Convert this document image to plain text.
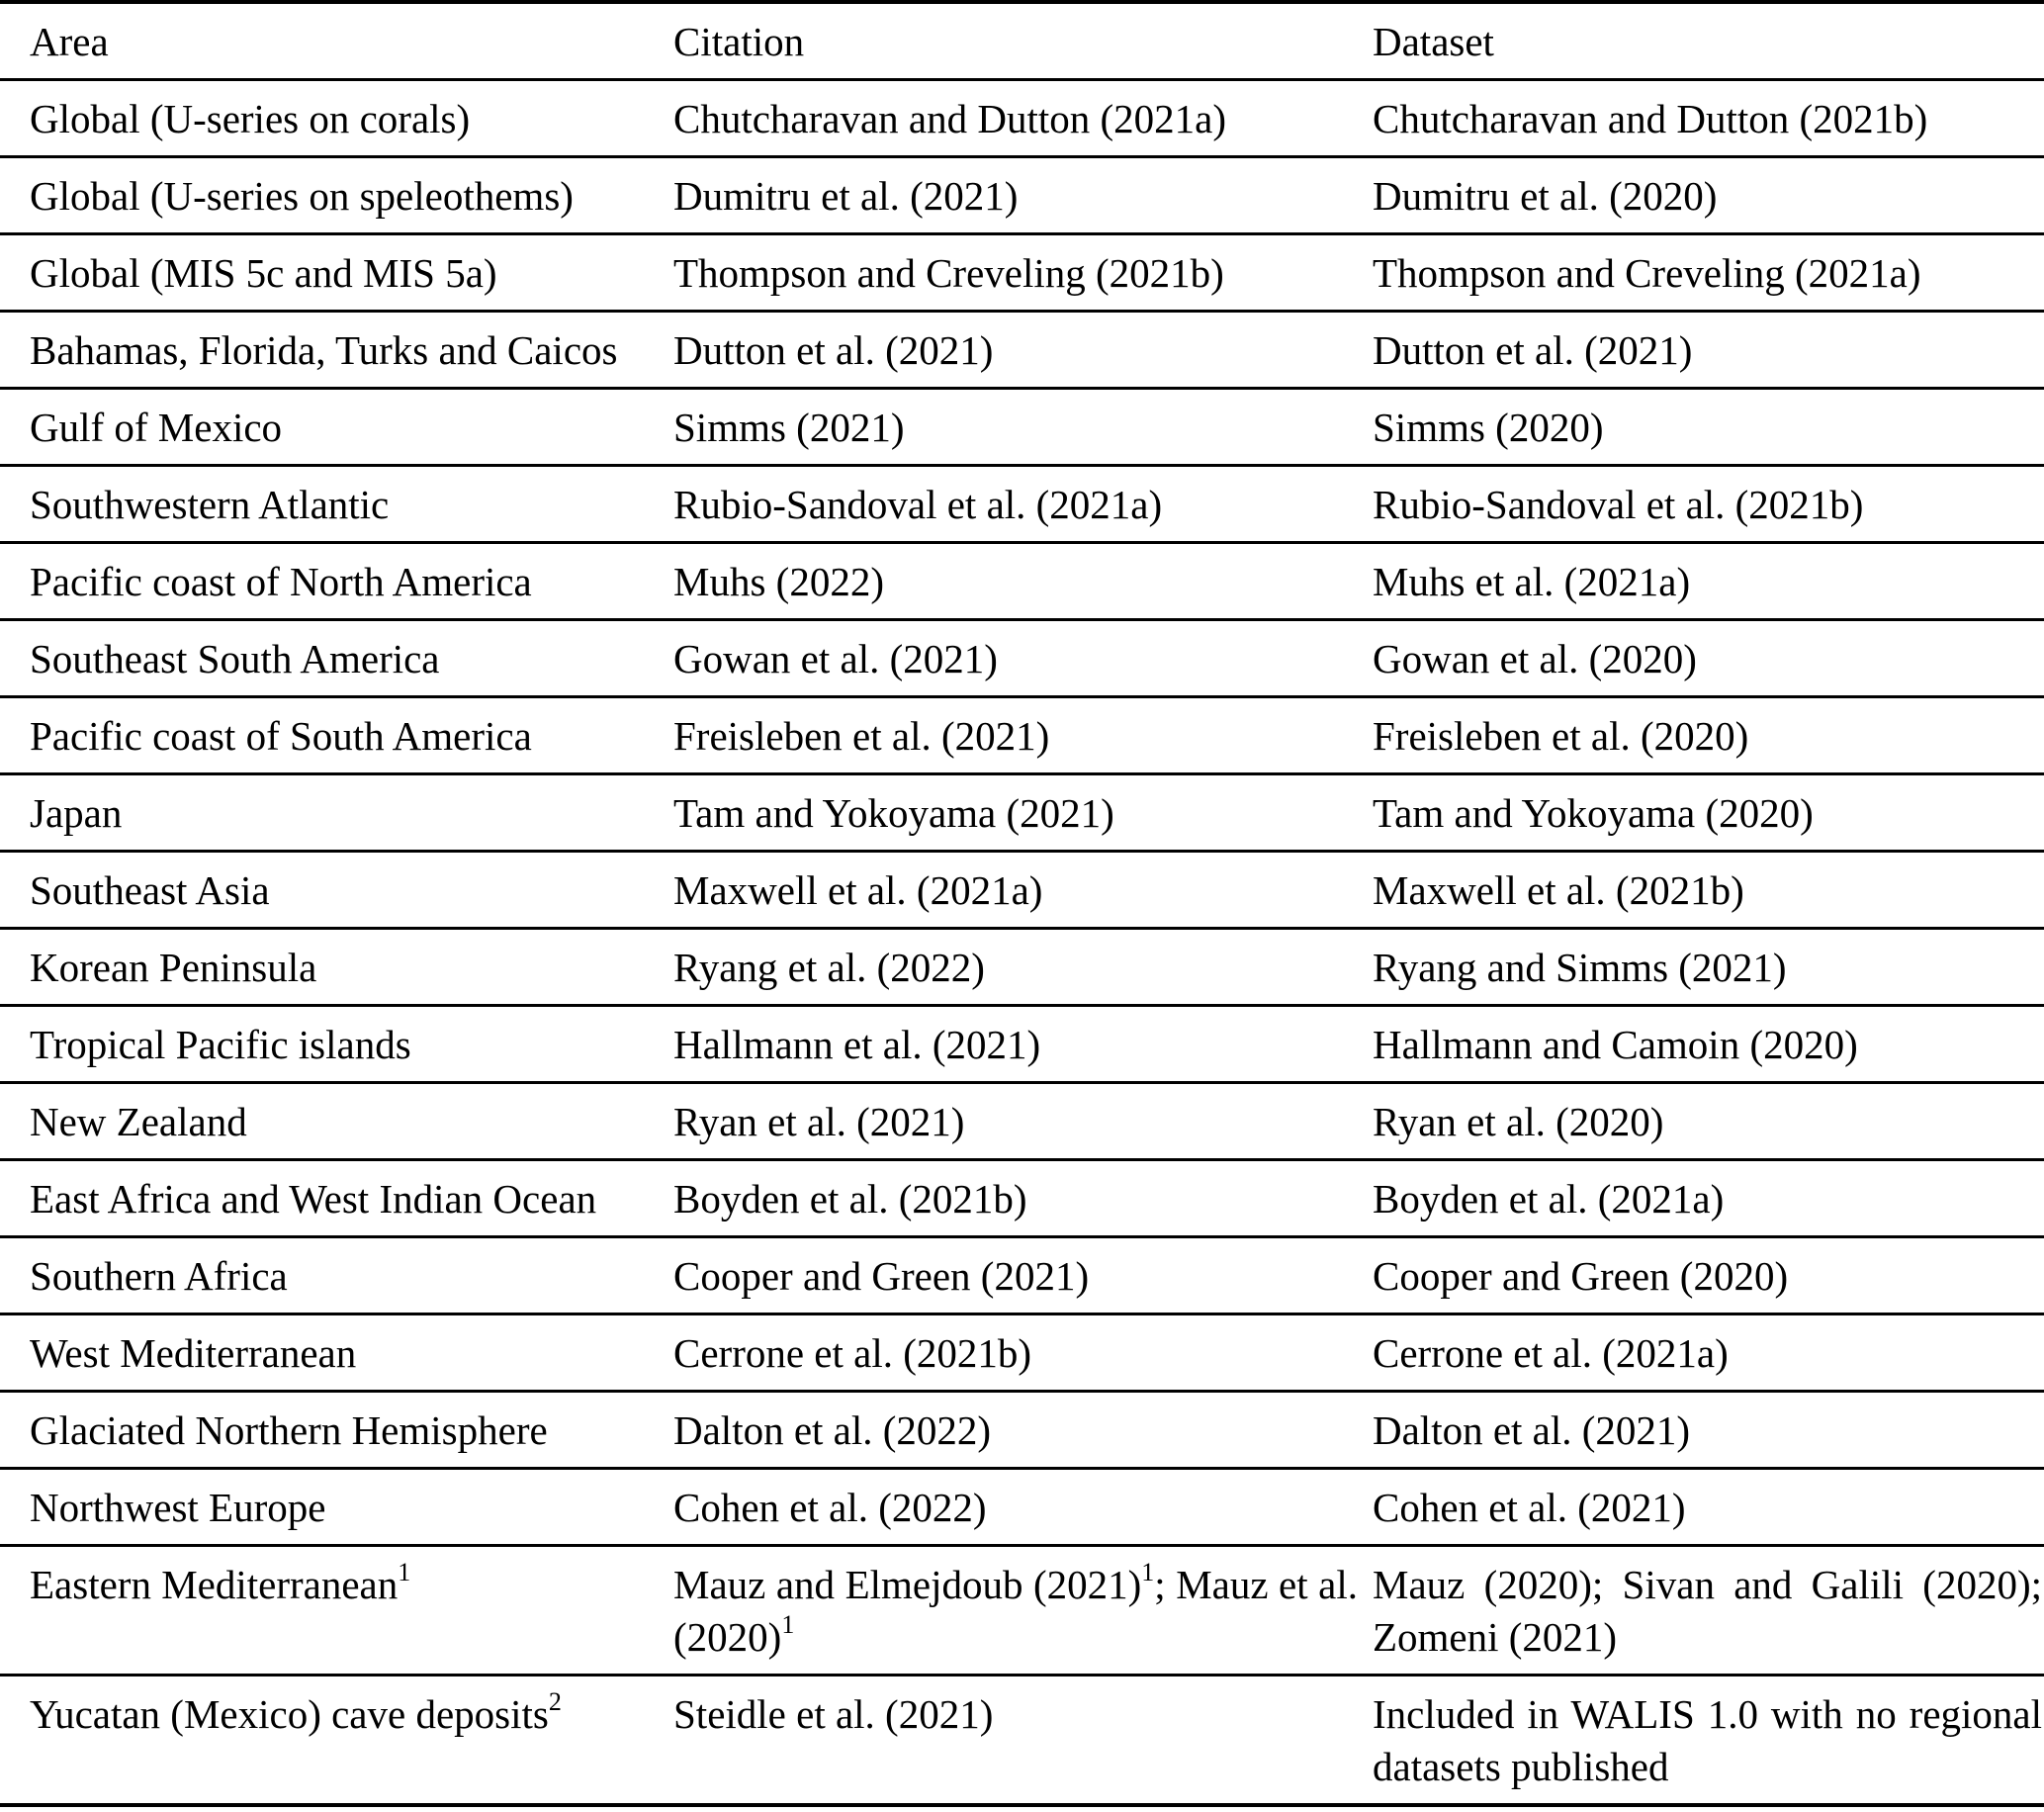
Area	Citation	Dataset
Global (U-series on corals)	Chutcharavan and Dutton (2021a)	Chutcharavan and Dutton (2021b)
Global (U-series on speleothems)	Dumitru et al. (2021)	Dumitru et al. (2020)
Global (MIS 5c and MIS 5a)	Thompson and Creveling (2021b)	Thompson and Creveling (2021a)
Bahamas, Florida, Turks and Caicos	Dutton et al. (2021)	Dutton et al. (2021)
Gulf of Mexico	Simms (2021)	Simms (2020)
Southwestern Atlantic	Rubio-Sandoval et al. (2021a)	Rubio-Sandoval et al. (2021b)
Pacific coast of North America	Muhs (2022)	Muhs et al. (2021a)
Southeast South America	Gowan et al. (2021)	Gowan et al. (2020)
Pacific coast of South America	Freisleben et al. (2021)	Freisleben et al. (2020)
Japan	Tam and Yokoyama (2021)	Tam and Yokoyama (2020)
Southeast Asia	Maxwell et al. (2021a)	Maxwell et al. (2021b)
Korean Peninsula	Ryang et al. (2022)	Ryang and Simms (2021)
Tropical Pacific islands	Hallmann et al. (2021)	Hallmann and Camoin (2020)
New Zealand	Ryan et al. (2021)	Ryan et al. (2020)
East Africa and West Indian Ocean	Boyden et al. (2021b)	Boyden et al. (2021a)
Southern Africa	Cooper and Green (2021)	Cooper and Green (2020)
West Mediterranean	Cerrone et al. (2021b)	Cerrone et al. (2021a)
Glaciated Northern Hemisphere	Dalton et al. (2022)	Dalton et al. (2021)
Northwest Europe	Cohen et al. (2022)	Cohen et al. (2021)
Eastern Mediterranean$^1$	Mauz and Elmejdoub (2021)$^1$; Mauz et al. (2020)$^1$	Mauz (2020); Sivan and Galili (2020); Zomeni (2021)
Yucatan (Mexico) cave deposits$^2$	Steidle et al. (2021)	Included in WALIS 1.0 with no regional datasets published
